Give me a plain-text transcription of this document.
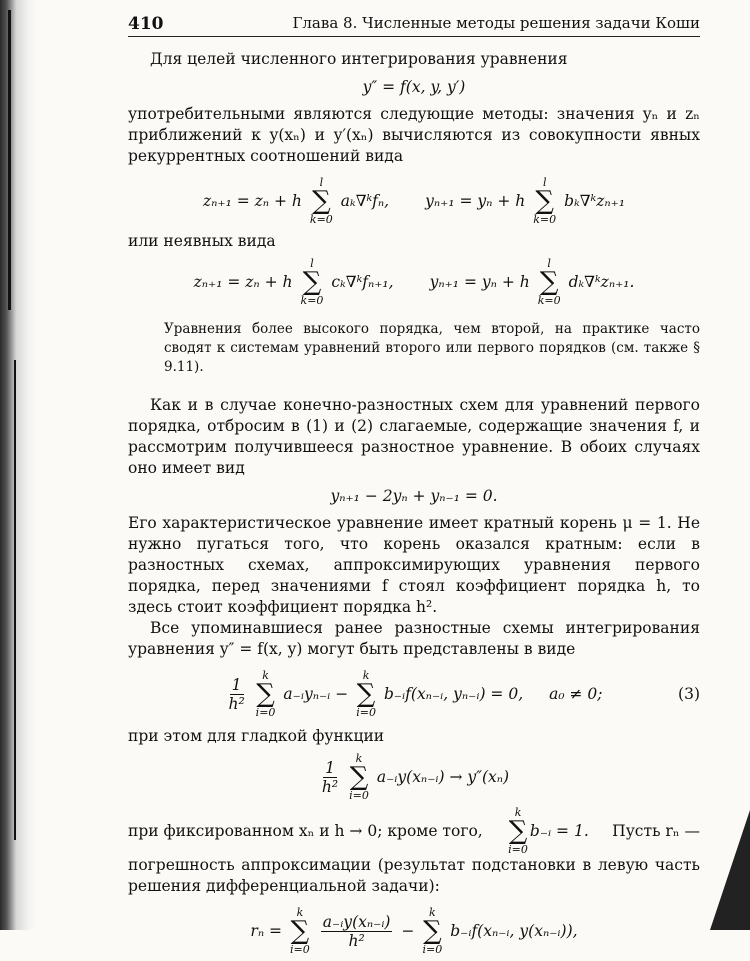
410	Глава 8. Численные методы решения задачи Коши

Для целей численного интегрирования уравнения

y″ = f(x, y, y′)

употребительными являются следующие методы: значения yₙ и zₙ приближений к y(xₙ) и y′(xₙ) вычисляются из совокупности явных рекуррентных соотношений вида

zₙ₊₁ = zₙ + h
l
∑
k=0
aₖ∇ᵏfₙ, yₙ₊₁ = yₙ + h
l
∑
k=0
bₖ∇ᵏzₙ₊₁

или неявных вида

zₙ₊₁ = zₙ + h
l
∑
k=0
cₖ∇ᵏfₙ₊₁, yₙ₊₁ = yₙ + h
l
∑
k=0
dₖ∇ᵏzₙ₊₁.

Уравнения более высокого порядка, чем второй, на практике часто сводят к системам уравнений второго или первого порядков (см. также § 9.11).

Как и в случае конечно-разностных схем для уравнений первого порядка, отбросим в (1) и (2) слагаемые, содержащие значения f, и рассмотрим получившееся разностное уравнение. В обоих случаях оно имеет вид

yₙ₊₁ − 2yₙ + yₙ₋₁ = 0.

Его характеристическое уравнение имеет кратный корень μ = 1. Не нужно пугаться того, что корень оказался кратным: если в разностных схемах, аппроксимирующих уравнения первого порядка, перед значениями f стоял коэффициент порядка h, то здесь стоит коэффициент порядка h².

Все упоминавшиеся ранее разностные схемы интегрирования уравнения y″ = f(x, y) могут быть представлены в виде

$\frac{1}{\text{h²}}$ k
∑
i=0
a₋ᵢyₙ₋ᵢ −
k
∑
i=0
b₋ᵢf(xₙ₋ᵢ, yₙ₋ᵢ) = 0, a₀ ≠ 0;	(3)

при этом для гладкой функции

$\frac{1}{\text{h²}}$ k
∑
i=0
a₋ᵢy(xₙ₋ᵢ) → y″(xₙ)

при фиксированном xₙ и h → 0; кроме того,
k
∑
i=0
b₋ᵢ = 1. Пусть rₙ —

погрешность аппроксимации (результат подстановки в левую часть решения дифференциальной задачи):

rₙ =
k
∑
$i=0 \frac{\text{a₋ᵢy(xₙ₋ᵢ)}}{\text{h²}}$ −
k
∑
i=0
b₋ᵢf(xₙ₋ᵢ, y(xₙ₋ᵢ)),
